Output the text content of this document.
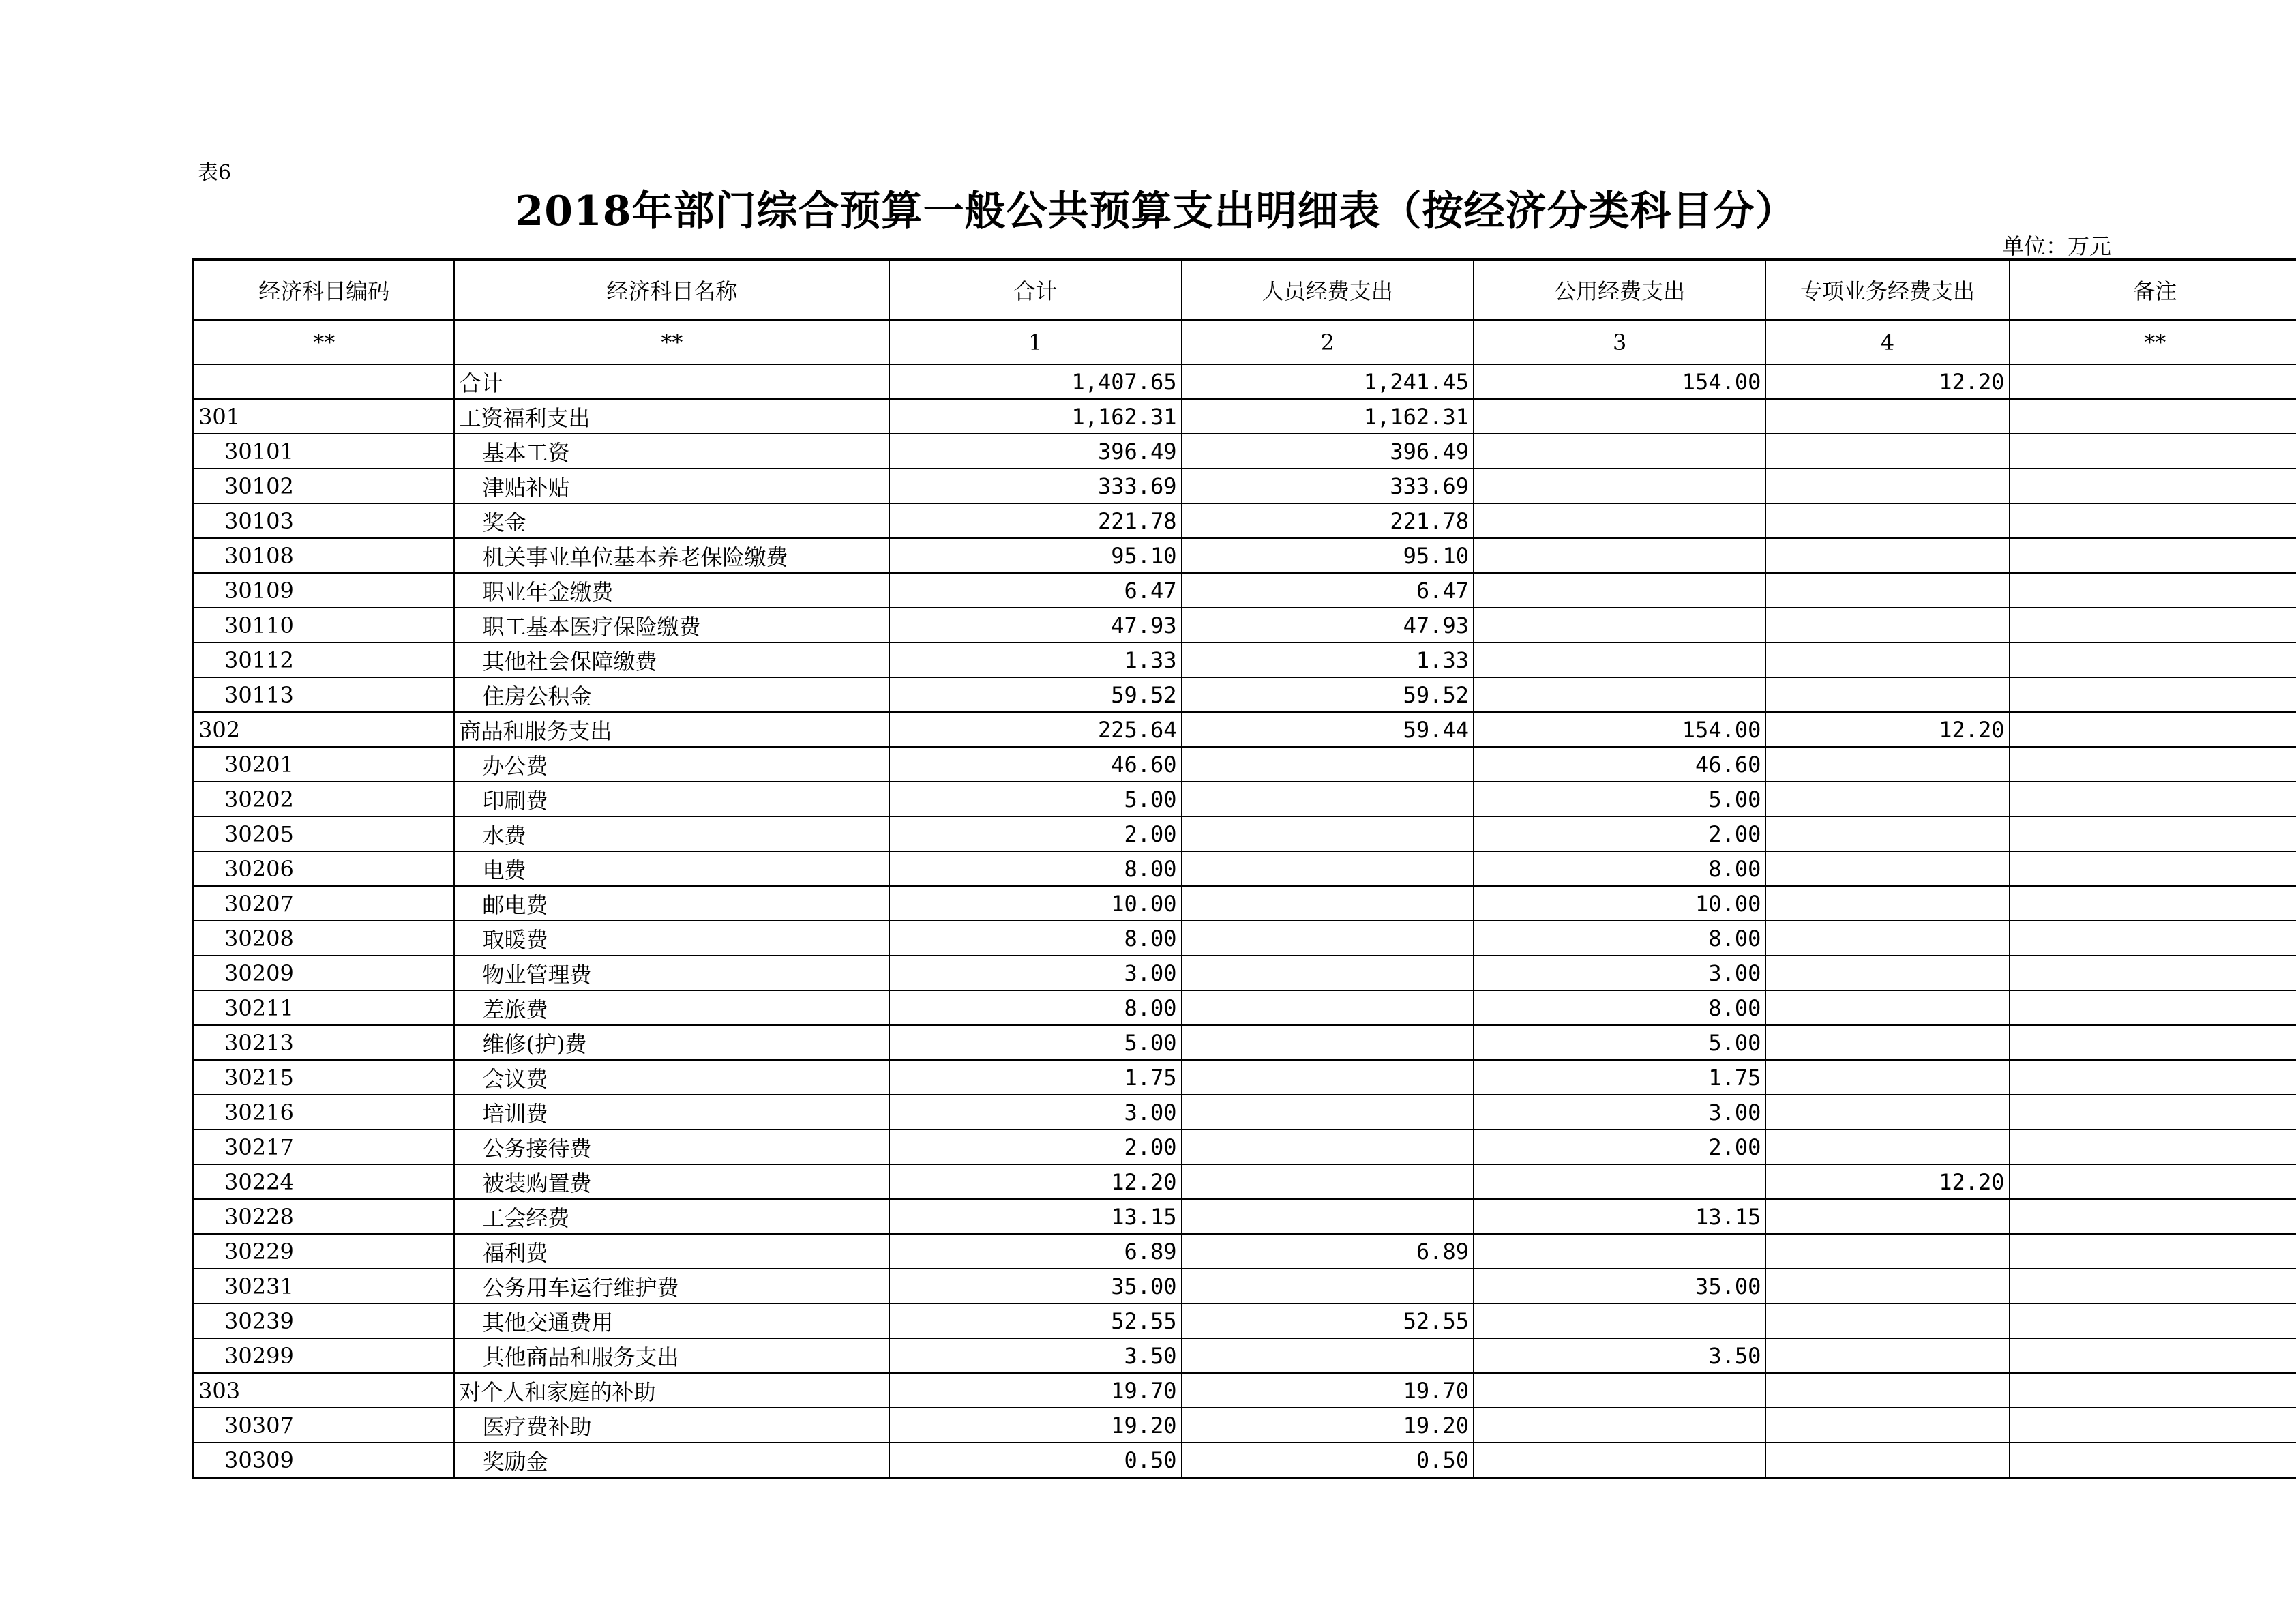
表6
2018年部门综合预算一般公共预算支出明细表（按经济分类科目分）
单位：万元
经济科目编码	经济科目名称	合计	人员经费支出	公用经费支出	专项业务经费支出	备注
**	**	1	2	3	4	**
	合计	1,407.65	1,241.45	154.00	12.20	
301	工资福利支出	1,162.31	1,162.31			
30101	基本工资	396.49	396.49			
30102	津贴补贴	333.69	333.69			
30103	奖金	221.78	221.78			
30108	机关事业单位基本养老保险缴费	95.10	95.10			
30109	职业年金缴费	6.47	6.47			
30110	职工基本医疗保险缴费	47.93	47.93			
30112	其他社会保障缴费	1.33	1.33			
30113	住房公积金	59.52	59.52			
302	商品和服务支出	225.64	59.44	154.00	12.20	
30201	办公费	46.60		46.60		
30202	印刷费	5.00		5.00		
30205	水费	2.00		2.00		
30206	电费	8.00		8.00		
30207	邮电费	10.00		10.00		
30208	取暖费	8.00		8.00		
30209	物业管理费	3.00		3.00		
30211	差旅费	8.00		8.00		
30213	维修(护)费	5.00		5.00		
30215	会议费	1.75		1.75		
30216	培训费	3.00		3.00		
30217	公务接待费	2.00		2.00		
30224	被装购置费	12.20			12.20	
30228	工会经费	13.15		13.15		
30229	福利费	6.89	6.89			
30231	公务用车运行维护费	35.00		35.00		
30239	其他交通费用	52.55	52.55			
30299	其他商品和服务支出	3.50		3.50		
303	对个人和家庭的补助	19.70	19.70			
30307	医疗费补助	19.20	19.20			
30309	奖励金	0.50	0.50			
